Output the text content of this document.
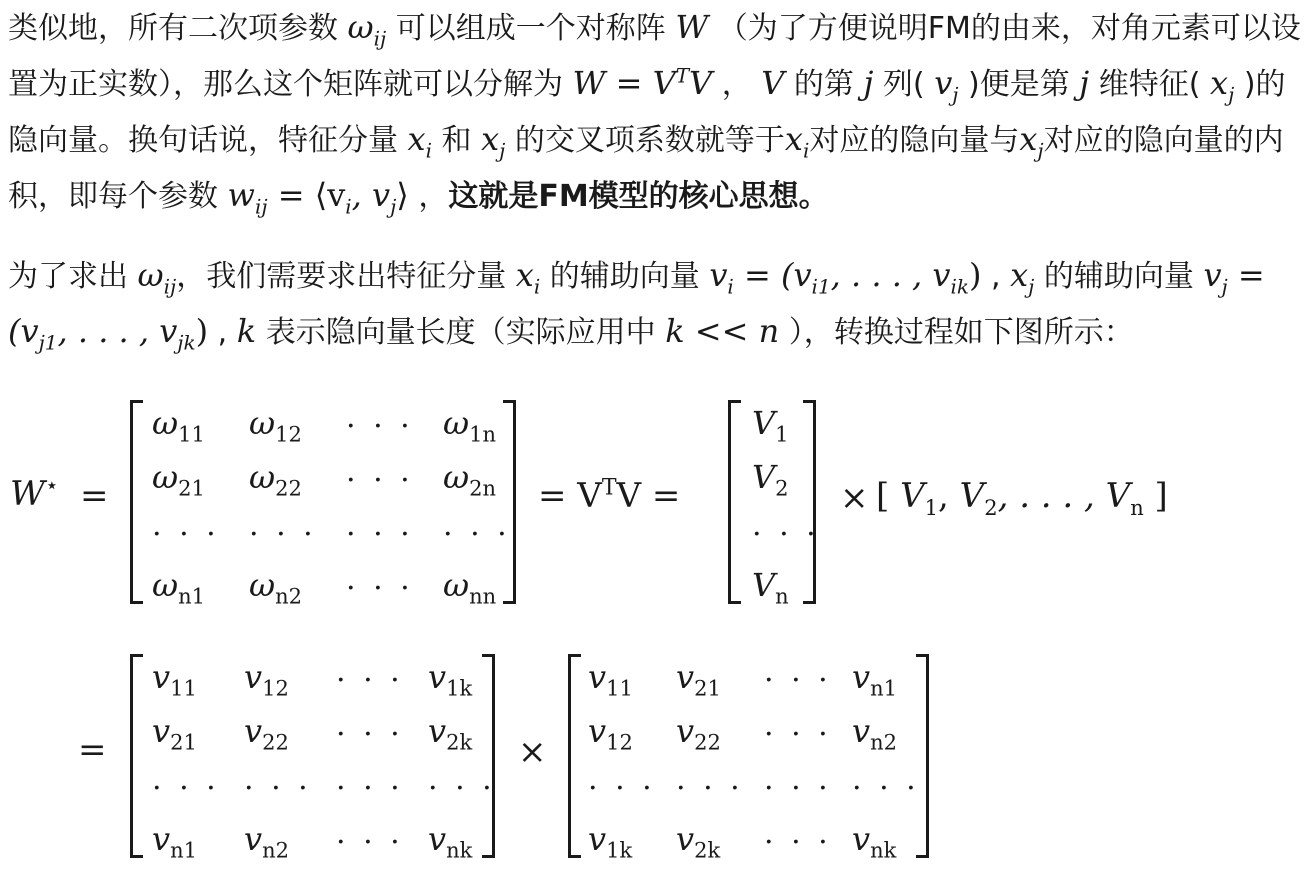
类似地，所有二次项参数 $\omega_{ij}$ 可以组成一个对称阵 W （为了方便说明FM的由来，对角元素可以设置为正实数），那么这个矩阵就可以分解为 $W = V^TV$ ， V 的第 j 列( $v_j$ )便是第 j 维特征( $x_j$ )的隐向量。换句话说，特征分量 $x_i$ 和 $x_j$ 的交叉项系数就等于$x_i$对应的隐向量与$x_j$对应的隐向量的内积，即每个参数 $w_{ij}$ = $⟨v_i$, $v_j⟩$ ，这就是FM模型的核心思想。
为了求出 $\omega_{ij}$，我们需要求出特征分量 $x_i$ 的辅助向量 $v_i = (v_{i1}$, . . . , $v_{ik}$) , $x_j$ 的辅助向量 $v_j = (v_{j1}$, . . . , $v_{jk}$) , k 表示隐向量长度（实际应用中 k << n ），转换过程如下图所示：
W⋆ =
$\omega_{11}$ $\omega_{12}$ . . . $\omega_{1n}$
$\omega_{21}$ $\omega_{22}$ . . . $\omega_{2n}$
. . . . . . . . . . . .
$\omega_{n1}$ $\omega_{n2}$ . . . $\omega_{nn}$
= $V^TV$ =
$V_1$
$V_2$
. . .
$V_n$
× [ $V_1$, $V_2$, . . . , $V_n$ ]
=
$v_{11}$ $v_{12}$ . . . $v_{1k}$
$v_{21}$ $v_{22}$ . . . $v_{2k}$
. . . . . . . . . . . .
$v_{n1}$ $v_{n2}$ . . . $v_{nk}$
×
$v_{11}$ $v_{21}$ . . . $v_{n1}$
$v_{12}$ $v_{22}$ . . . $v_{n2}$
. . . . . . . . . . . .
$v_{1k}$ $v_{2k}$ . . . $v_{nk}$
